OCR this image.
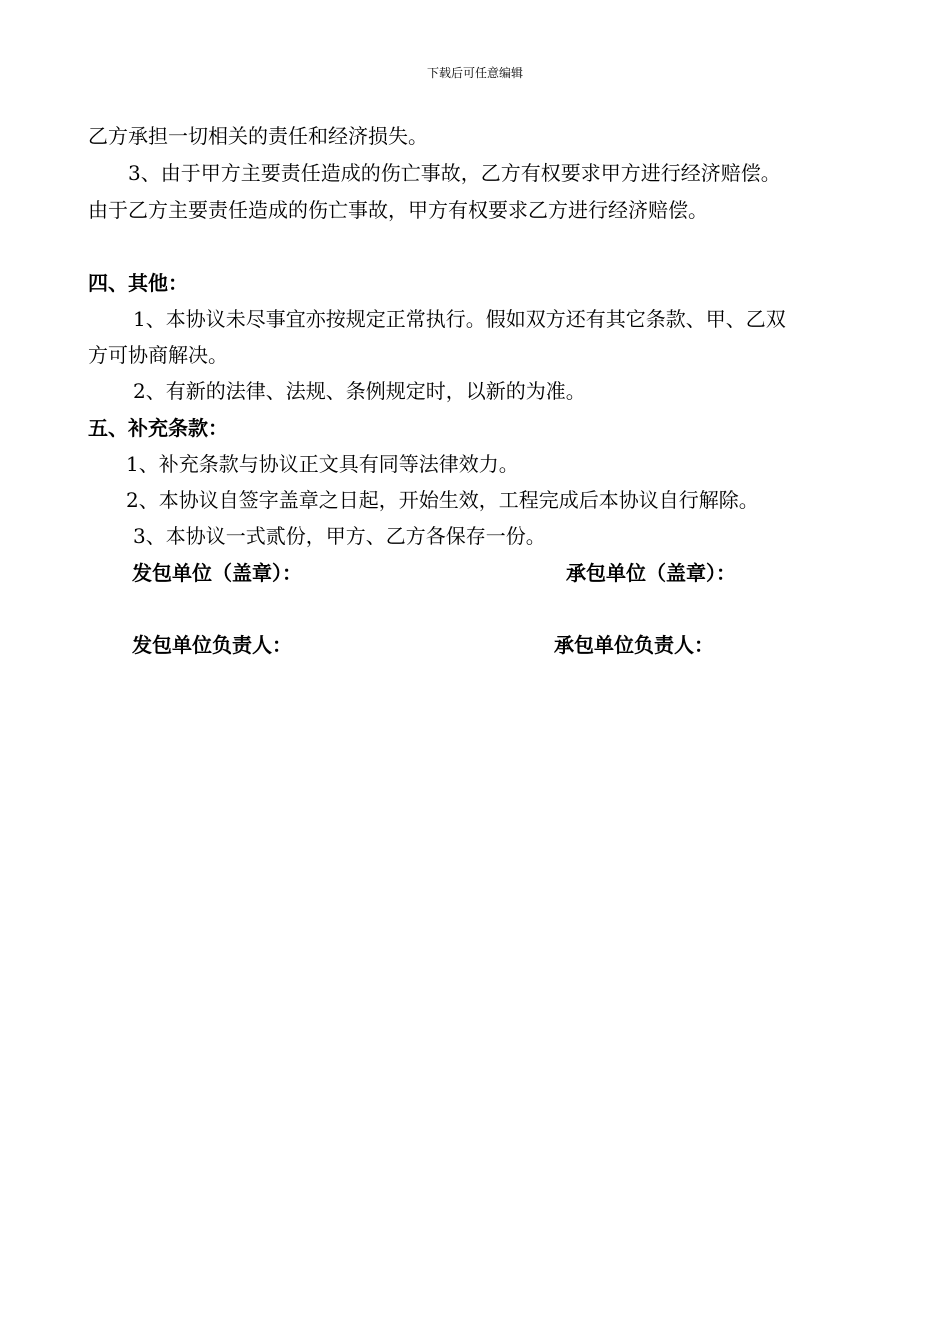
下载后可任意编辑
乙方承担一切相关的责任和经济损失。
3、由于甲方主要责任造成的伤亡事故，乙方有权要求甲方进行经济赔偿。
由于乙方主要责任造成的伤亡事故，甲方有权要求乙方进行经济赔偿。
四、其他：
1、本协议未尽事宜亦按规定正常执行。假如双方还有其它条款、甲、乙双
方可协商解决。
2、有新的法律、法规、条例规定时，以新的为准。
五、补充条款：
1、补充条款与协议正文具有同等法律效力。
2、本协议自签字盖章之日起，开始生效，工程完成后本协议自行解除。
3、本协议一式贰份，甲方、乙方各保存一份。
发包单位（盖章）：	承包单位（盖章）：
发包单位负责人：	承包单位负责人：
